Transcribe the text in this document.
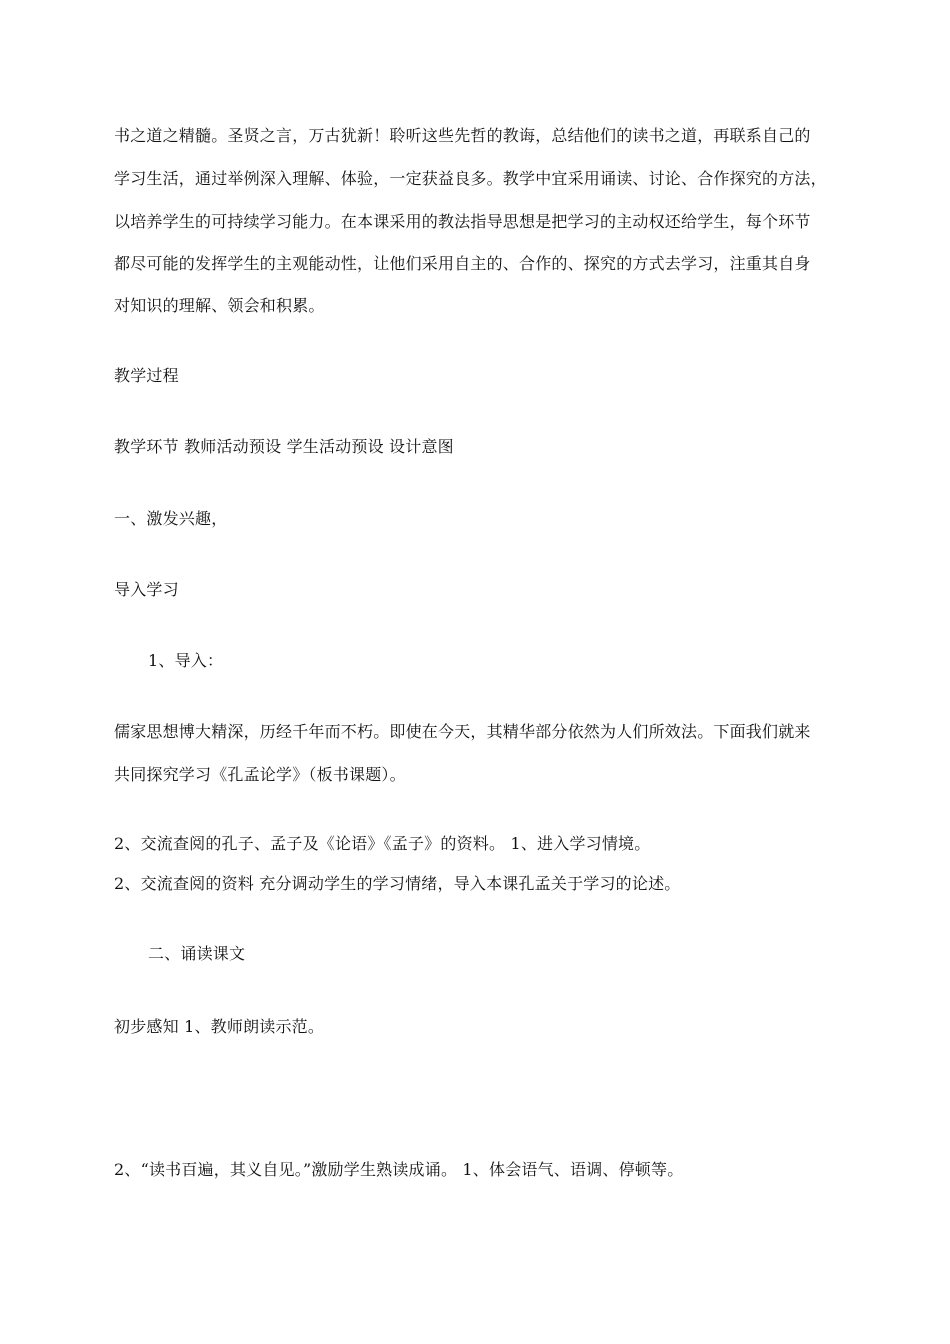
书之道之精髓。圣贤之言，万古犹新！聆听这些先哲的教诲，总结他们的读书之道，再联系自己的
学习生活，通过举例深入理解、体验，一定获益良多。教学中宜采用诵读、讨论、合作探究的方法，
以培养学生的可持续学习能力。在本课采用的教法指导思想是把学习的主动权还给学生，每个环节
都尽可能的发挥学生的主观能动性，让他们采用自主的、合作的、探究的方式去学习，注重其自身
对知识的理解、领会和积累。
教学过程
教学环节 教师活动预设 学生活动预设 设计意图
一、激发兴趣，
导入学习
1、导入：
儒家思想博大精深，历经千年而不朽。即使在今天，其精华部分依然为人们所效法。下面我们就来
共同探究学习《孔孟论学》（板书课题）。
2、交流查阅的孔子、孟子及《论语》《孟子》的资料。 1、进入学习情境。
2、交流查阅的资料 充分调动学生的学习情绪，导入本课孔孟关于学习的论述。
二、诵读课文
初步感知 1、教师朗读示范。
2、“读书百遍，其义自见。”激励学生熟读成诵。 1、体会语气、语调、停顿等。
